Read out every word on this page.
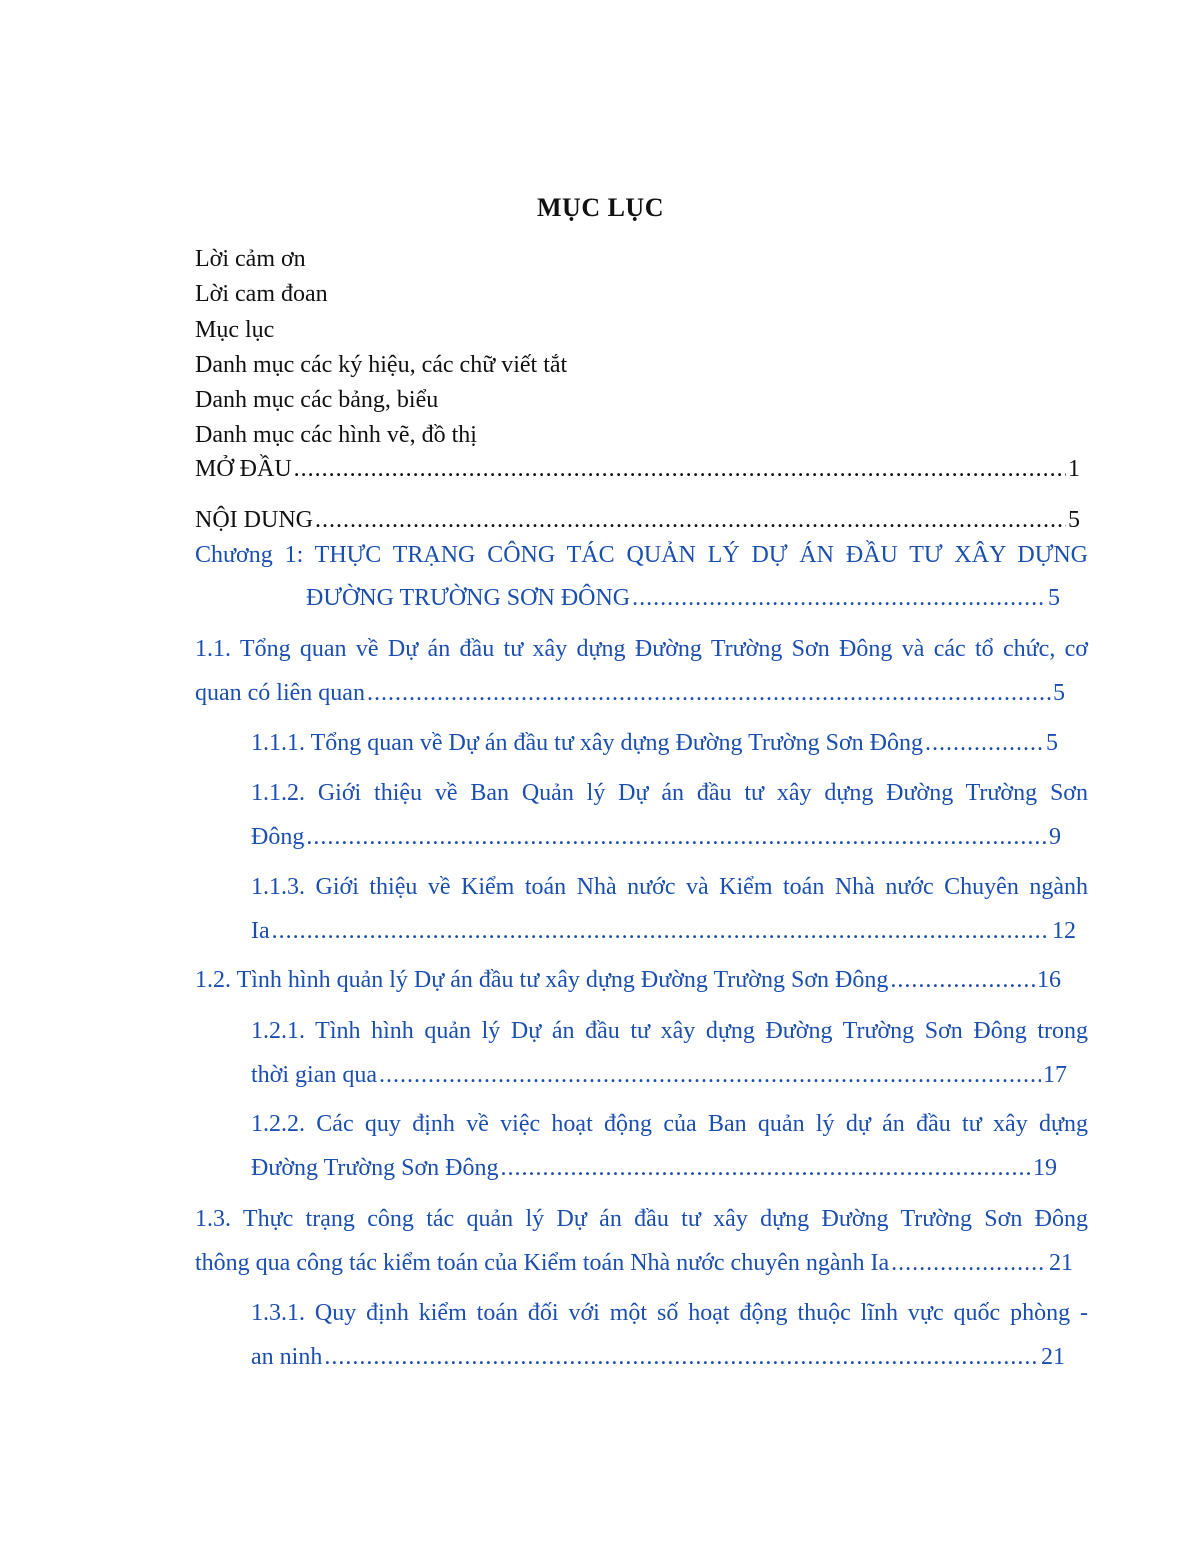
MỤC LỤC
Lời cảm ơn
Lời cam đoan
Mục lục
Danh mục các ký hiệu, các chữ viết tắt
Danh mục các bảng, biểu
Danh mục các hình vẽ, đồ thị
MỞ ĐẦU .....	1
NỘI DUNG .....	5
Chương 1: THỰC TRẠNG CÔNG TÁC QUẢN LÝ DỰ ÁN ĐẦU TƯ XÂY DỰNG
ĐƯỜNG TRƯỜNG SƠN ĐÔNG .....	5
1.1. Tổng quan về Dự án đầu tư xây dựng Đường Trường Sơn Đông và các tổ chức, cơ
quan có liên quan .....	5
1.1.1. Tổng quan về Dự án đầu tư xây dựng Đường Trường Sơn Đông .....	5
1.1.2. Giới thiệu về Ban Quản lý Dự án đầu tư xây dựng Đường Trường Sơn
Đông .....	9
1.1.3. Giới thiệu về Kiểm toán Nhà nước và Kiểm toán Nhà nước Chuyên ngành
Ia .....	12
1.2. Tình hình quản lý Dự án đầu tư xây dựng Đường Trường Sơn Đông .....	16
1.2.1. Tình hình quản lý Dự án đầu tư xây dựng Đường Trường Sơn Đông trong
thời gian qua .....	17
1.2.2. Các quy định về việc hoạt động của Ban quản lý dự án đầu tư xây dựng
Đường Trường Sơn Đông .....	19
1.3. Thực trạng công tác quản lý Dự án đầu tư xây dựng Đường Trường Sơn Đông
thông qua công tác kiểm toán của Kiểm toán Nhà nước chuyên ngành Ia .....	21
1.3.1. Quy định kiểm toán đối với một số hoạt động thuộc lĩnh vực quốc phòng -
an ninh .....	21
